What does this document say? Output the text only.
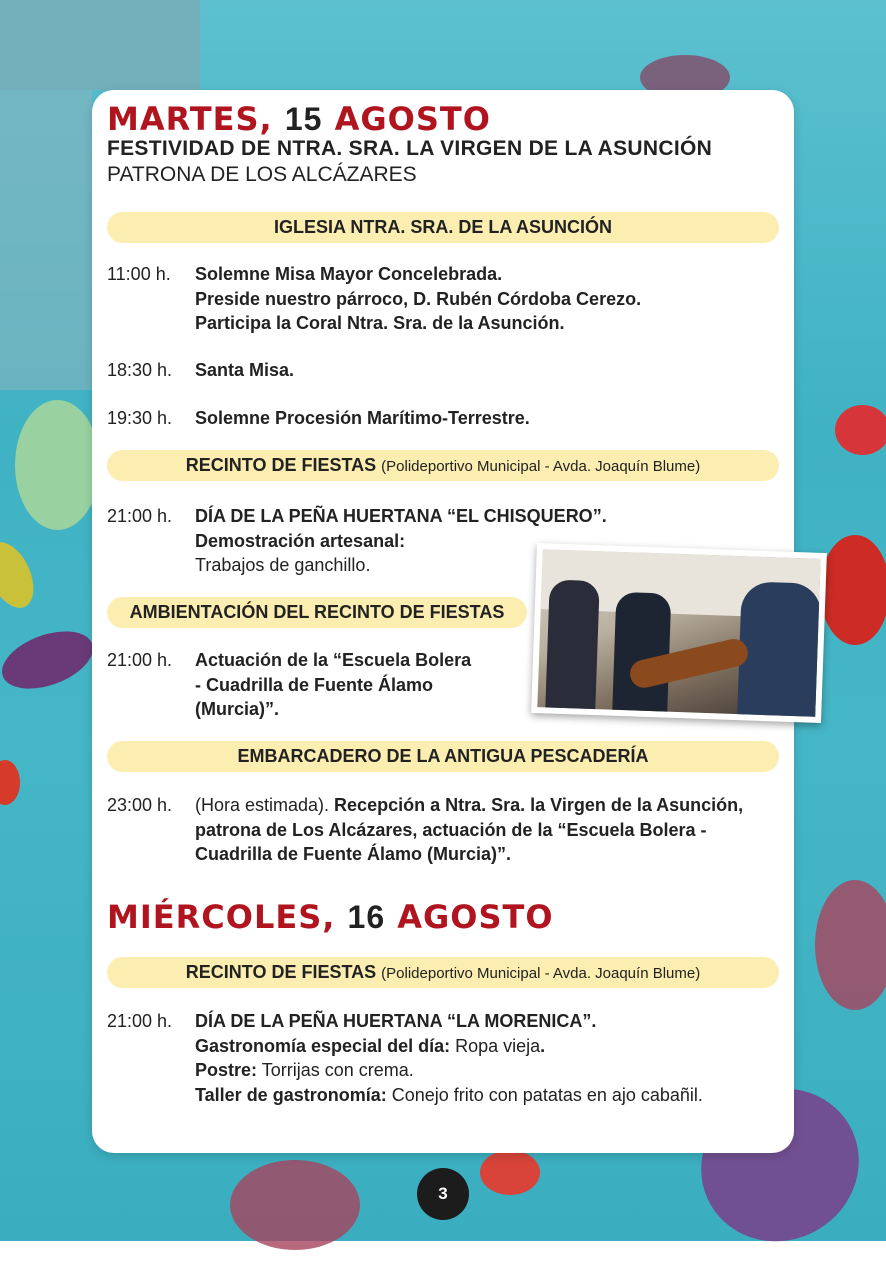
MARTES, 15 AGOSTO
FESTIVIDAD DE NTRA. SRA. LA VIRGEN DE LA ASUNCIÓN
PATRONA DE LOS ALCÁZARES
IGLESIA NTRA. SRA. DE LA ASUNCIÓN
11:00 h. Solemne Misa Mayor Concelebrada.
Preside nuestro párroco, D. Rubén Córdoba Cerezo.
Participa la Coral Ntra. Sra. de la Asunción.
18:30 h. Santa Misa.
19:30 h. Solemne Procesión Marítimo-Terrestre.
RECINTO DE FIESTAS (Polideportivo Municipal - Avda. Joaquín Blume)
21:00 h. DÍA DE LA PEÑA HUERTANA “EL CHISQUERO”.
Demostración artesanal:
Trabajos de ganchillo.
AMBIENTACIÓN DEL RECINTO DE FIESTAS
21:00 h. Actuación de la “Escuela Bolera
- Cuadrilla de Fuente Álamo
(Murcia)”.
EMBARCADERO DE LA ANTIGUA PESCADERÍA
23:00 h. (Hora estimada). Recepción a Ntra. Sra. la Virgen de la Asunción,
patrona de Los Alcázares, actuación de la “Escuela Bolera -
Cuadrilla de Fuente Álamo (Murcia)”.
MIÉRCOLES, 16 AGOSTO
RECINTO DE FIESTAS (Polideportivo Municipal - Avda. Joaquín Blume)
21:00 h. DÍA DE LA PEÑA HUERTANA “LA MORENICA”.
Gastronomía especial del día: Ropa vieja.
Postre: Torrijas con crema.
Taller de gastronomía: Conejo frito con patatas en ajo cabañil.
3
